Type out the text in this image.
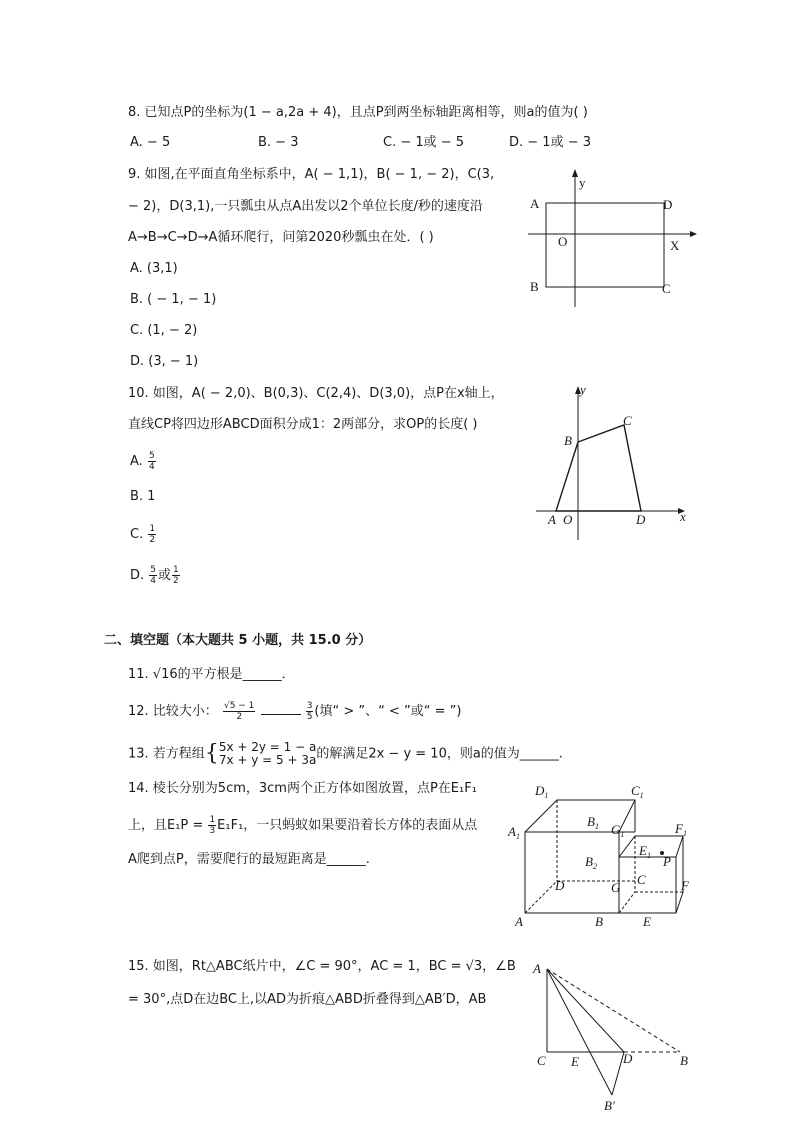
8. 已知点P的坐标为(1 − a,2a + 4)，且点P到两坐标轴距离相等，则a的值为( )
A. − 5	B. − 3	C. − 1或 − 5	D. − 1或 − 3
9. 如图,在平面直角坐标系中，A( − 1,1)，B( − 1, − 2)，C(3,
− 2)，D(3,1),一只瓢虫从点A出发以2个单位长度/秒的速度沿
A→B→C→D→A循环爬行，问第2020秒瓢虫在处．( )
A. (3,1)
B. ( − 1, − 1)
C. (1, − 2)
D. (3, − 1)
A
B	C
D
O	X
y
10. 如图，A( − 2,0)、B(0,3)、C(2,4)、D(3,0)，点P在x轴上，
直线CP将四边形ABCD面积分成1：2两部分，求OP的长度( )
A. $\frac{5}{4}$
B. 1
C. $\frac{1}{2}$
D. $\frac{5}{4}$ 或 $\frac{1}{2}$
A O
B
C
D	x
y
二、填空题（本大题共 5 小题，共 15.0 分）
11. √16的平方根是______．
12. 比较大小： $\frac{√5 - 1}{2}$
	$\frac{3}{5}$ (填“ > ”、“ < ”或“ = ”)
13. 若方程组{ 5x + 2y = 1 − a
7x + y = 5 + 3a 的解满足2x − y = 10，则a的值为______.
14. 棱长分别为5cm，3cm两个正方体如图放置，点P在E₁F₁
上，且$E_1P = \frac{1}{3} E_1F_1$，一只蚂蚁如果要沿着长方体的表面从点
A爬到点P，需要爬行的最短距离是______.
$D_1$	$C_1$
$A_1$
$B_1$ $G_1$	$F_1$
$E_1$ P
$B_2$
D	G
C	F
A	B	E
15. 如图，Rt△ABC纸片中，∠C = 90°，AC = 1，BC = √3，∠B
= 30°,点D在边BC上,以AD为折痕△ABD折叠得到△AB′D，AB
A
C E	D	B
B′
